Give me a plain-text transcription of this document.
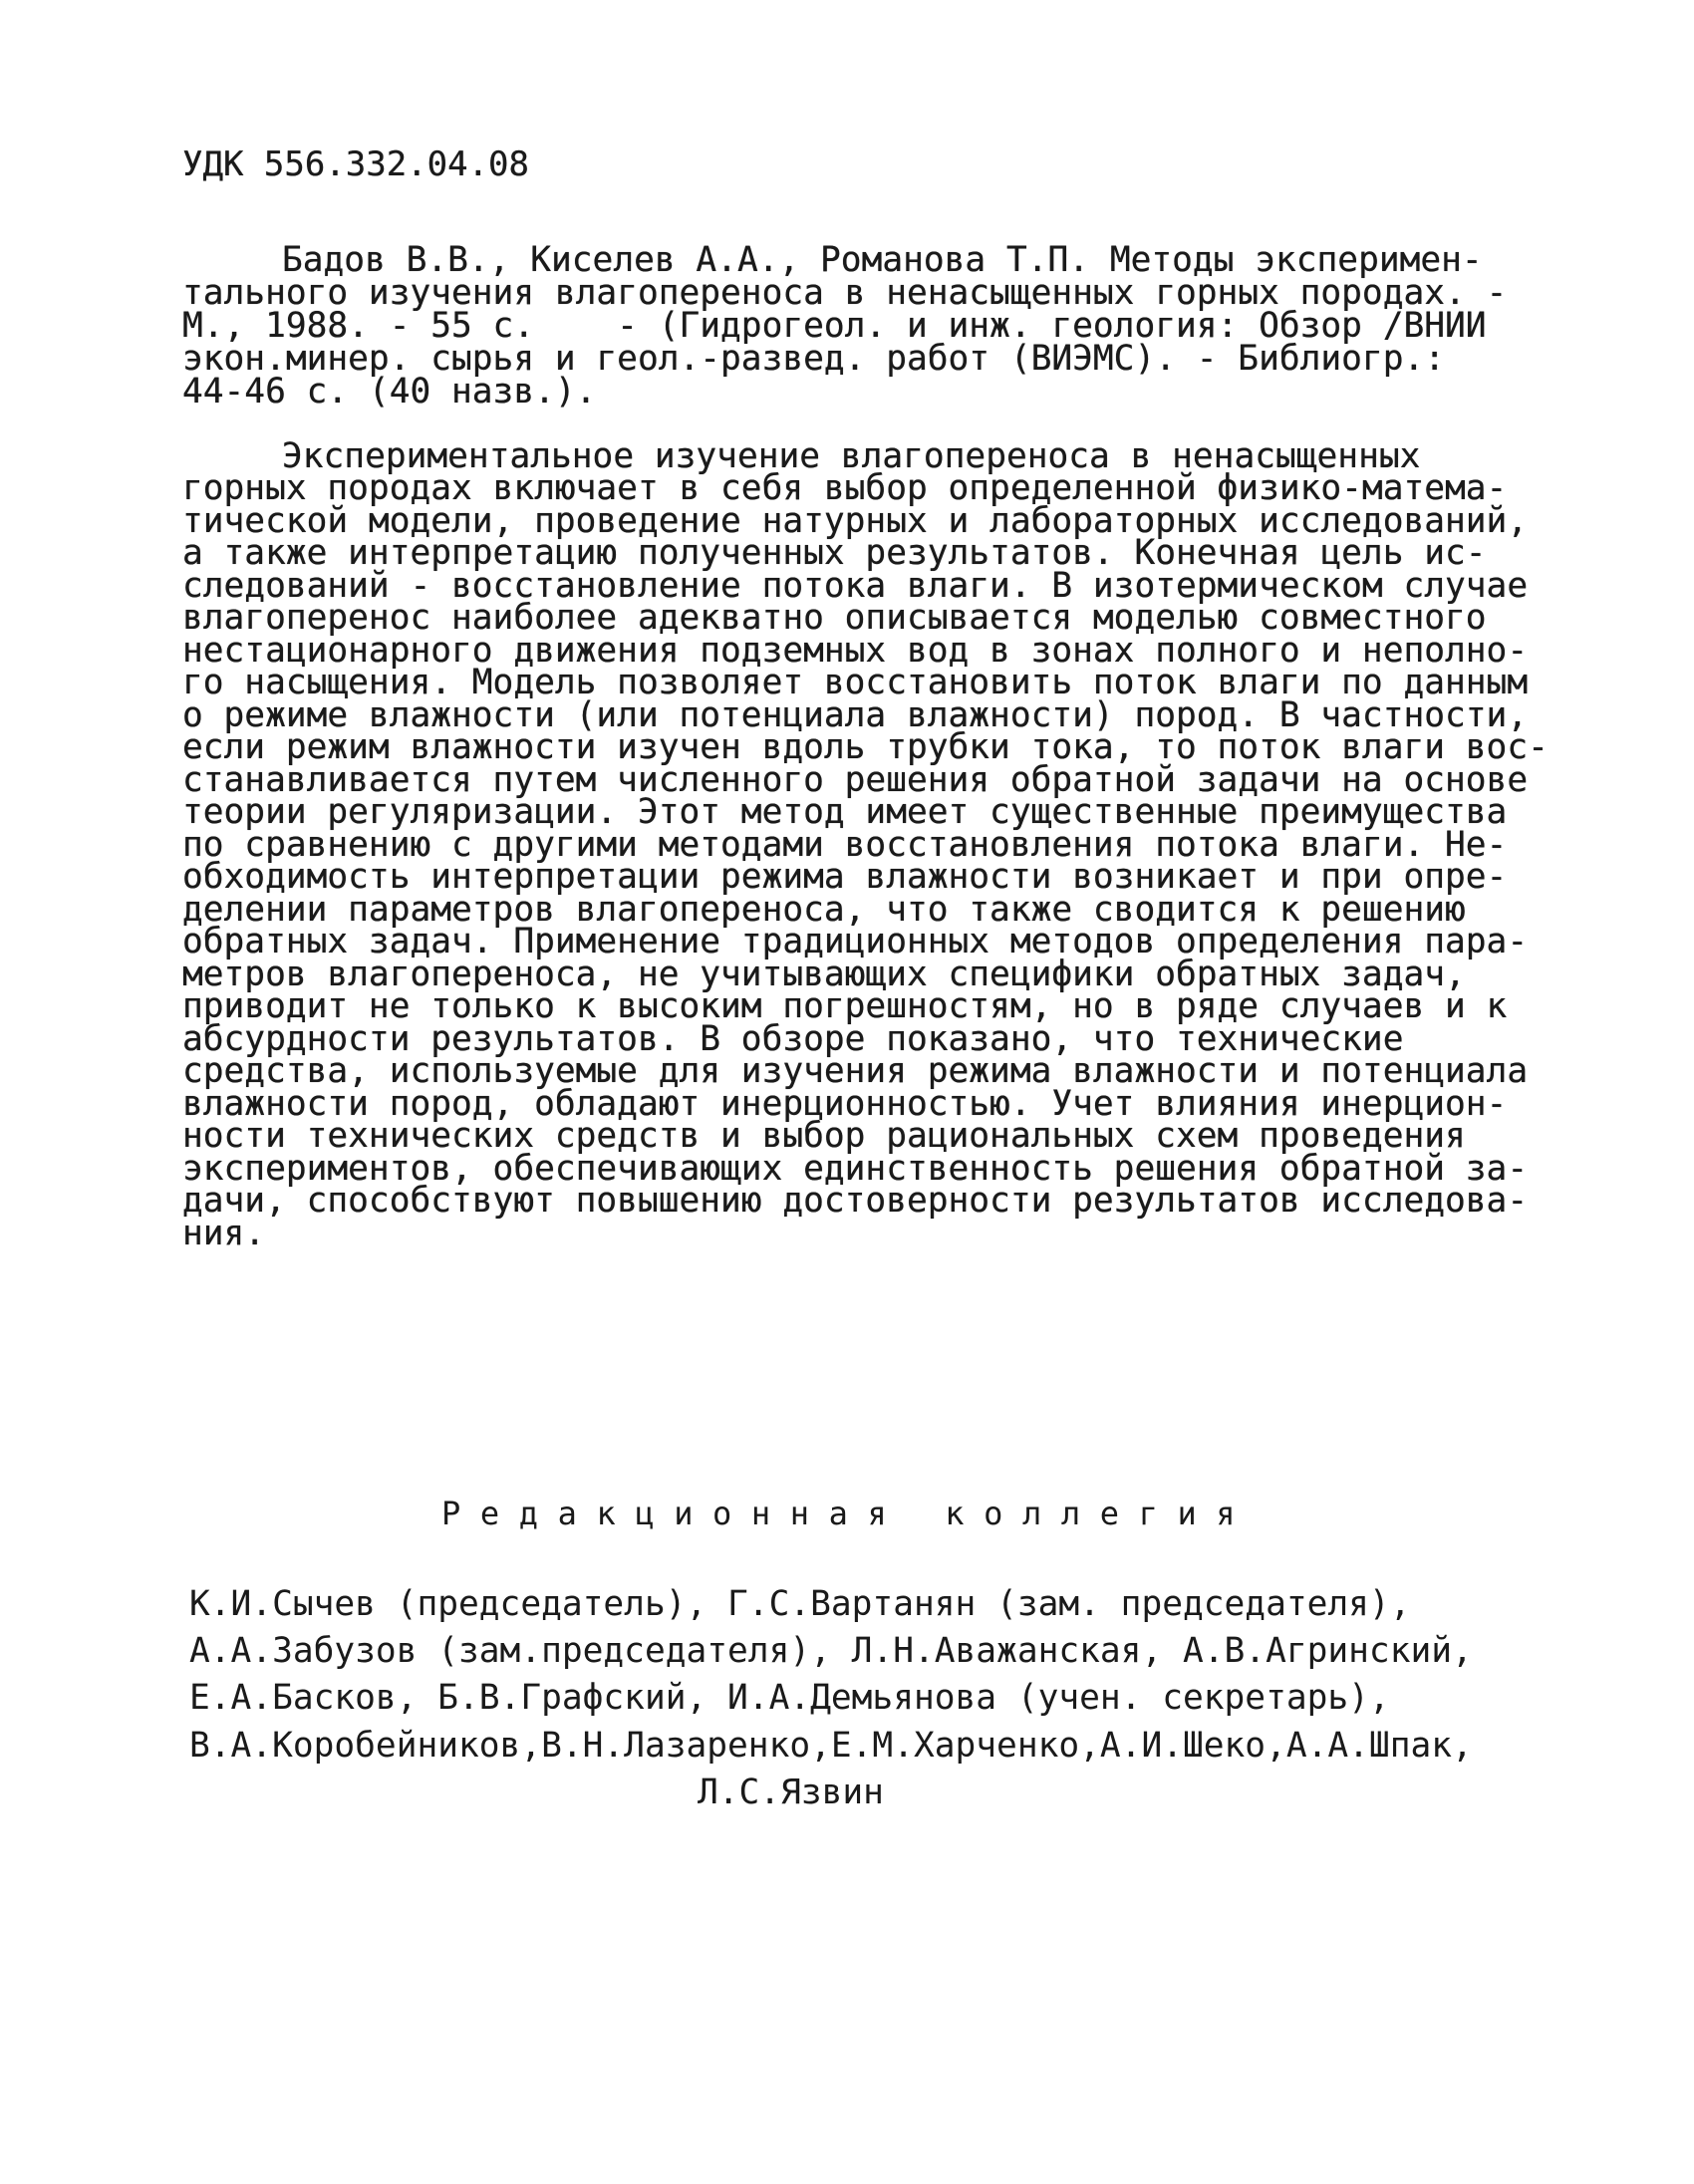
УДК 556.332.04.08
Бадов В.В., Киселев А.А., Романова Т.П. Методы эксперимен-
тального изучения влагопереноса в ненасыщенных горных породах. -
М., 1988. - 55 с.    - (Гидрогеол. и инж. геология: Обзор /ВНИИ
экон.минер. сырья и геол.-развед. работ (ВИЭМС). - Библиогр.:
44-46 с. (40 назв.).
Экспериментальное изучение влагопереноса в ненасыщенных
горных породах включает в себя выбор определенной физико-матема-
тической модели, проведение натурных и лабораторных исследований,
а также интерпретацию полученных результатов. Конечная цель ис-
следований - восстановление потока влаги. В изотермическом случае
влагоперенос наиболее адекватно описывается моделью совместного
нестационарного движения подземных вод в зонах полного и неполно-
го насыщения. Модель позволяет восстановить поток влаги по данным
о режиме влажности (или потенциала влажности) пород. В частности,
если режим влажности изучен вдоль трубки тока, то поток влаги вос-
станавливается путем численного решения обратной задачи на основе
теории регуляризации. Этот метод имеет существенные преимущества
по сравнению с другими методами восстановления потока влаги. Не-
обходимость интерпретации режима влажности возникает и при опре-
делении параметров влагопереноса, что также сводится к решению
обратных задач. Применение традиционных методов определения пара-
метров влагопереноса, не учитывающих специфики обратных задач,
приводит не только к высоким погрешностям, но в ряде случаев и к
абсурдности результатов. В обзоре показано, что технические
средства, используемые для изучения режима влажности и потенциала
влажности пород, обладают инерционностью. Учет влияния инерцион-
ности технических средств и выбор рациональных схем проведения
экспериментов, обеспечивающих единственность решения обратной за-
дачи, способствуют повышению достоверности результатов исследова-
ния.
Редакционная коллегия
К.И.Сычев (председатель), Г.С.Вартанян (зам. председателя),
А.А.Забузов (зам.председателя), Л.Н.Аважанская, А.В.Агринский,
Е.А.Басков, Б.В.Графский, И.А.Демьянова (учен. секретарь),
В.А.Коробейников,В.Н.Лазаренко,Е.М.Харченко,А.И.Шеко,А.А.Шпак,
Л.С.Язвин
